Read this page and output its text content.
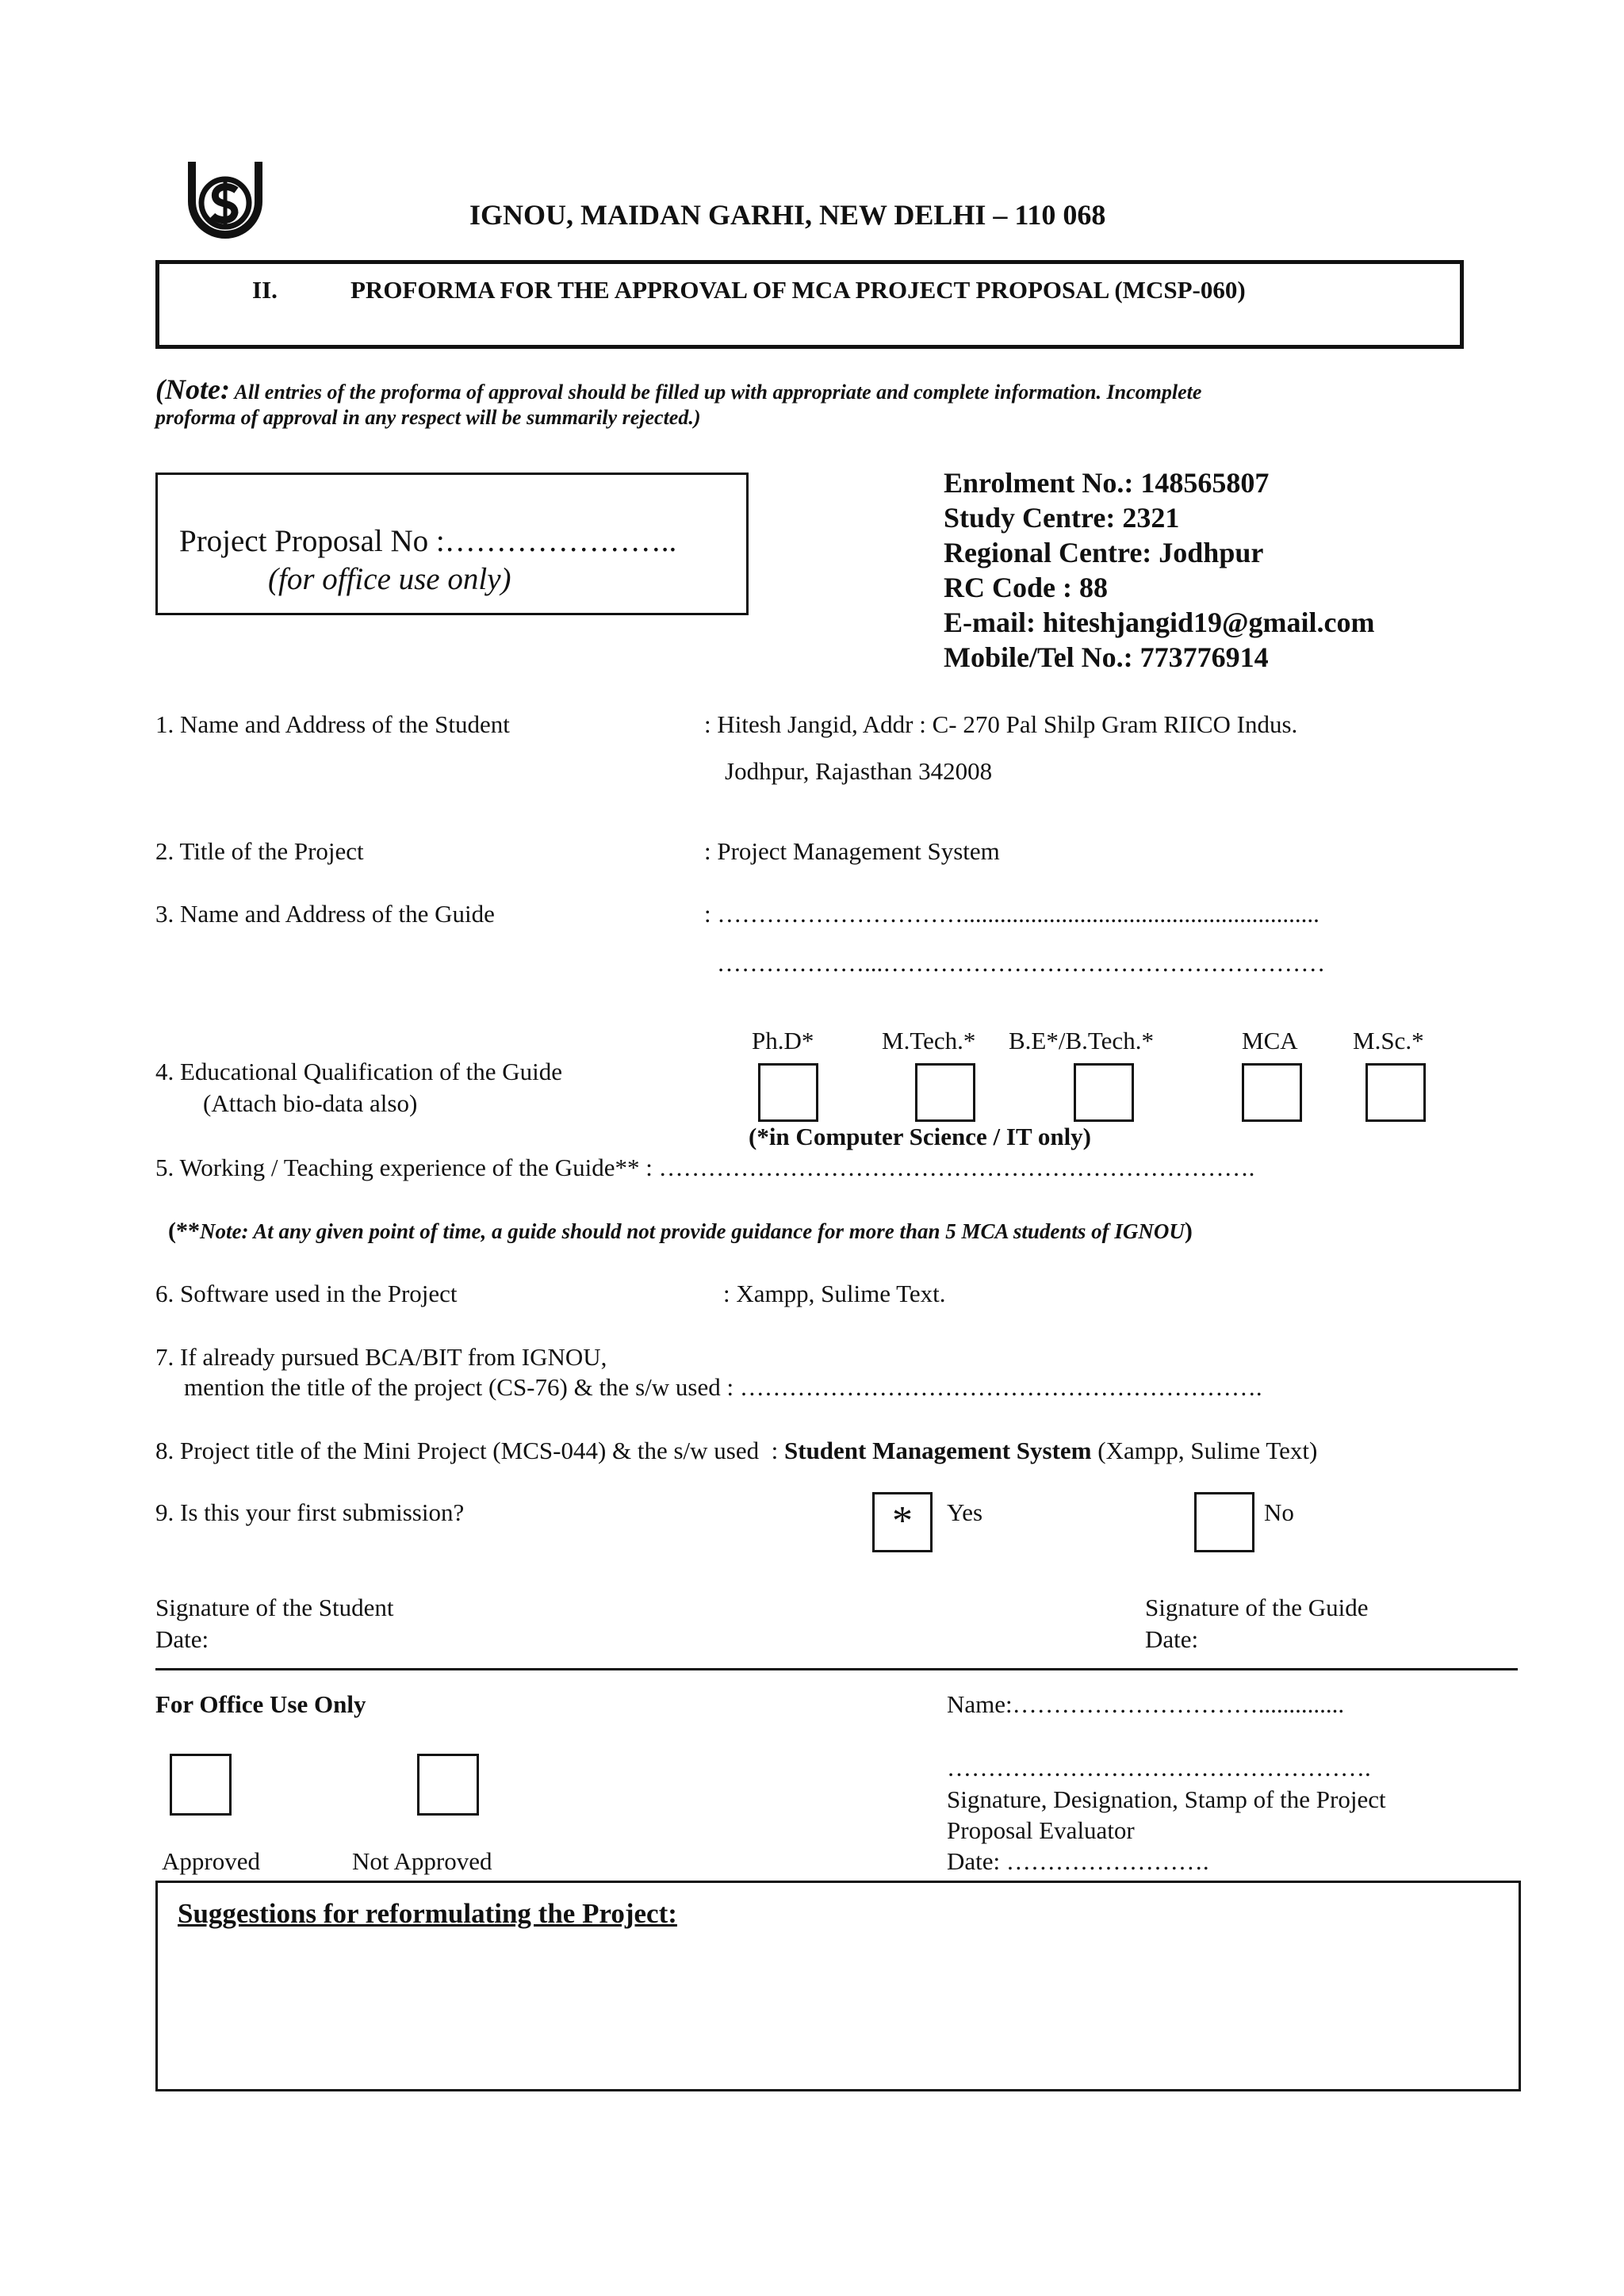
IGNOU, MAIDAN GARHI, NEW DELHI – 110 068
II.	PROFORMA FOR THE APPROVAL OF MCA PROJECT PROPOSAL (MCSP-060)
(Note: All entries of the proforma of approval should be filled up with appropriate and complete information. Incomplete
proforma of approval in any respect will be summarily rejected.)
Project Proposal No :…………………..
(for office use only)
Enrolment No.: 148565807
Study Centre: 2321
Regional Centre: Jodhpur
RC Code : 88
E-mail: hiteshjangid19@gmail.com
Mobile/Tel No.: 773776914
1. Name and Address of the Student	: Hitesh Jangid, Addr : C- 270 Pal Shilp Gram RIICO Indus.
Jodhpur, Rajasthan 342008
2. Title of the Project	: Project Management System
3. Name and Address of the Guide	: …………………………..........................................................
………………...………………………………………………
Ph.D*	M.Tech.* B.E*/B.Tech.*	MCA M.Sc.*
4. Educational Qualification of the Guide
(Attach bio-data also)
(*in Computer Science / IT only)
5. Working / Teaching experience of the Guide** : ……………………………………………………………….
(**Note: At any given point of time, a guide should not provide guidance for more than 5 MCA students of IGNOU)
6. Software used in the Project	: Xampp, Sulime Text.
7. If already pursued BCA/BIT from IGNOU,
mention the title of the project (CS-76) & the s/w used : ……………………………………………………….
8. Project title of the Mini Project (MCS-044) & the s/w used  : Student Management System (Xampp, Sulime Text)
9. Is this your first submission?	*	Yes	No
Signature of the Student
Date:
Signature of the Guide
Date:
For Office Use Only
Approved	Not Approved
Name:…………………………..............
…………………………………………….
Signature, Designation, Stamp of the Project
Proposal Evaluator
Date: …………………….
Suggestions for reformulating the Project:
